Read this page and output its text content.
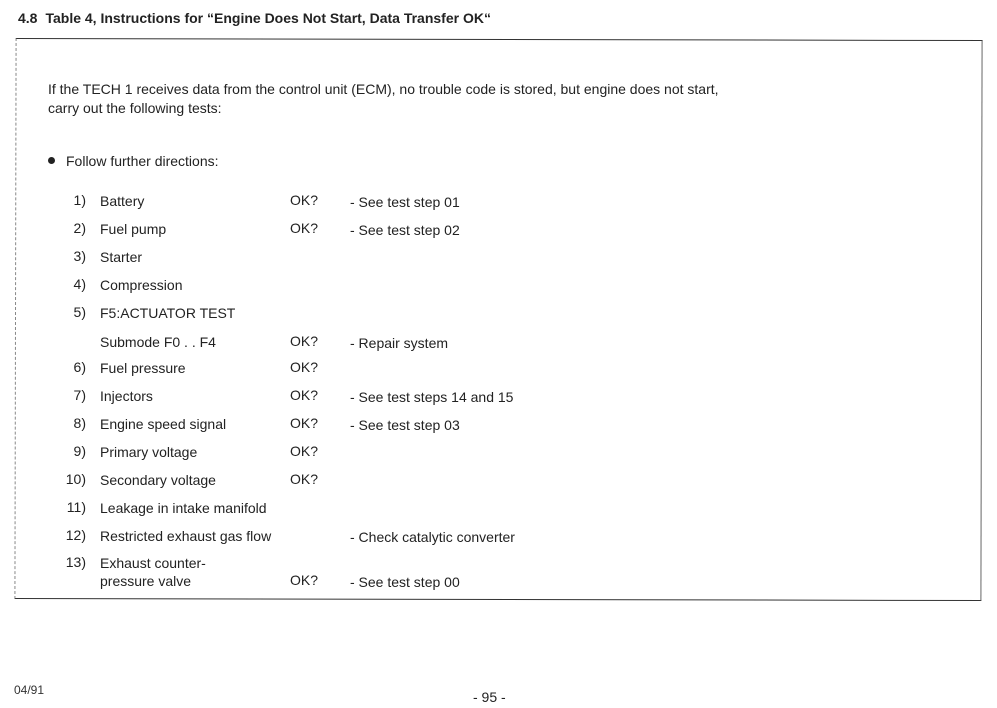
4.8 Table 4, Instructions for “Engine Does Not Start, Data Transfer OK“
If the TECH 1 receives data from the control unit (ECM), no trouble code is stored, but engine does not start,
carry out the following tests:
Follow further directions:
1) Battery	OK? - See test step 01
2) Fuel pump	OK? - See test step 02
3) Starter
4) Compression
5) F5:ACTUATOR TEST
Submode F0 . . F4	OK? - Repair system
6) Fuel pressure	OK?
7) Injectors	OK? - See test steps 14 and 15
8) Engine speed signal	OK? - See test step 03
9) Primary voltage	OK?
10) Secondary voltage	OK?
11) Leakage in intake manifold
12) Restricted exhaust gas flow	- Check catalytic converter
13) Exhaust counter-
pressure valve	OK? - See test step 00
04/91	- 95 -
